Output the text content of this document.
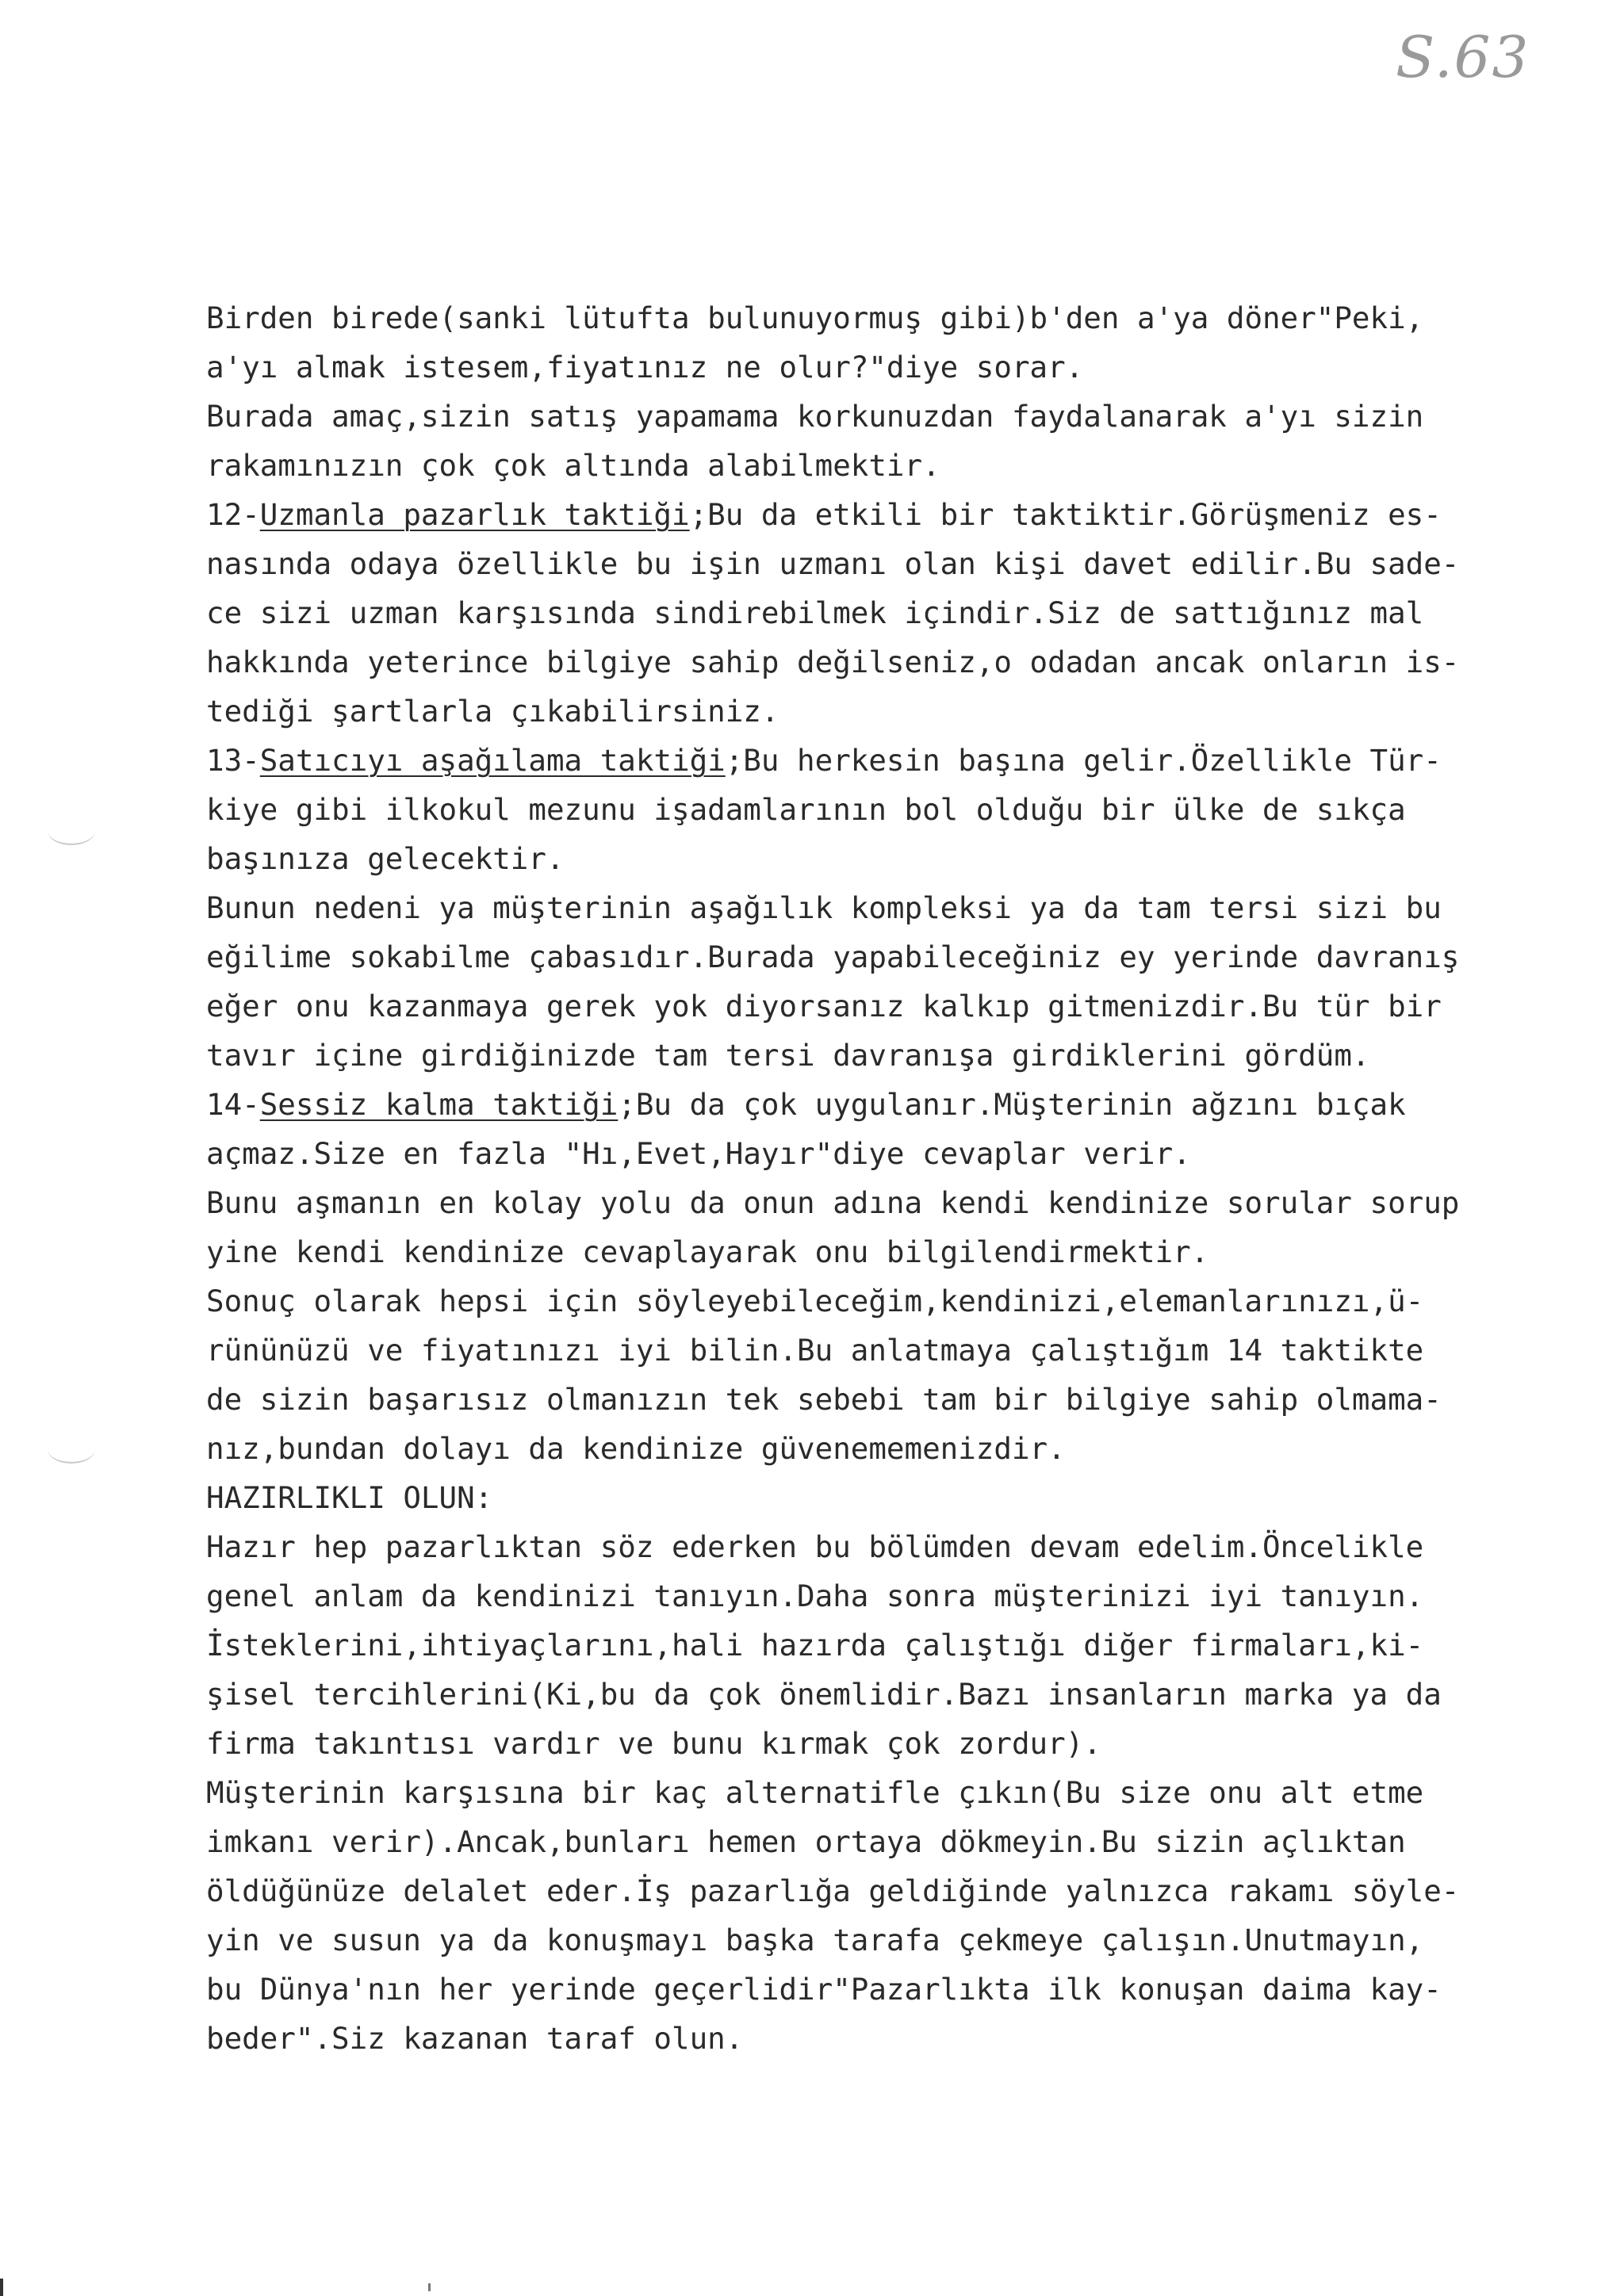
S.63
Birden birede(sanki lütufta bulunuyormuş gibi)b'den a'ya döner"Peki,
a'yı almak istesem,fiyatınız ne olur?"diye sorar.
Burada amaç,sizin satış yapamama korkunuzdan faydalanarak a'yı sizin
rakamınızın çok çok altında alabilmektir.
12-Uzmanla pazarlık taktiği;Bu da etkili bir taktiktir.Görüşmeniz es-
nasında odaya özellikle bu işin uzmanı olan kişi davet edilir.Bu sade-
ce sizi uzman karşısında sindirebilmek içindir.Siz de sattığınız mal
hakkında yeterince bilgiye sahip değilseniz,o odadan ancak onların is-
tediği şartlarla çıkabilirsiniz.
13-Satıcıyı aşağılama taktiği;Bu herkesin başına gelir.Özellikle Tür-
kiye gibi ilkokul mezunu işadamlarının bol olduğu bir ülke de sıkça
başınıza gelecektir.
Bunun nedeni ya müşterinin aşağılık kompleksi ya da tam tersi sizi bu
eğilime sokabilme çabasıdır.Burada yapabileceğiniz ey yerinde davranış
eğer onu kazanmaya gerek yok diyorsanız kalkıp gitmenizdir.Bu tür bir
tavır içine girdiğinizde tam tersi davranışa girdiklerini gördüm.
14-Sessiz kalma taktiği;Bu da çok uygulanır.Müşterinin ağzını bıçak
açmaz.Size en fazla "Hı,Evet,Hayır"diye cevaplar verir.
Bunu aşmanın en kolay yolu da onun adına kendi kendinize sorular sorup
yine kendi kendinize cevaplayarak onu bilgilendirmektir.
Sonuç olarak hepsi için söyleyebileceğim,kendinizi,elemanlarınızı,ü-
rününüzü ve fiyatınızı iyi bilin.Bu anlatmaya çalıştığım 14 taktikte
de sizin başarısız olmanızın tek sebebi tam bir bilgiye sahip olmama-
nız,bundan dolayı da kendinize güvenememenizdir.
HAZIRLIKLI OLUN:
Hazır hep pazarlıktan söz ederken bu bölümden devam edelim.Öncelikle
genel anlam da kendinizi tanıyın.Daha sonra müşterinizi iyi tanıyın.
İsteklerini,ihtiyaçlarını,hali hazırda çalıştığı diğer firmaları,ki-
şisel tercihlerini(Ki,bu da çok önemlidir.Bazı insanların marka ya da
firma takıntısı vardır ve bunu kırmak çok zordur).
Müşterinin karşısına bir kaç alternatifle çıkın(Bu size onu alt etme
imkanı verir).Ancak,bunları hemen ortaya dökmeyin.Bu sizin açlıktan
öldüğünüze delalet eder.İş pazarlığa geldiğinde yalnızca rakamı söyle-
yin ve susun ya da konuşmayı başka tarafa çekmeye çalışın.Unutmayın,
bu Dünya'nın her yerinde geçerlidir"Pazarlıkta ilk konuşan daima kay-
beder".Siz kazanan taraf olun.
